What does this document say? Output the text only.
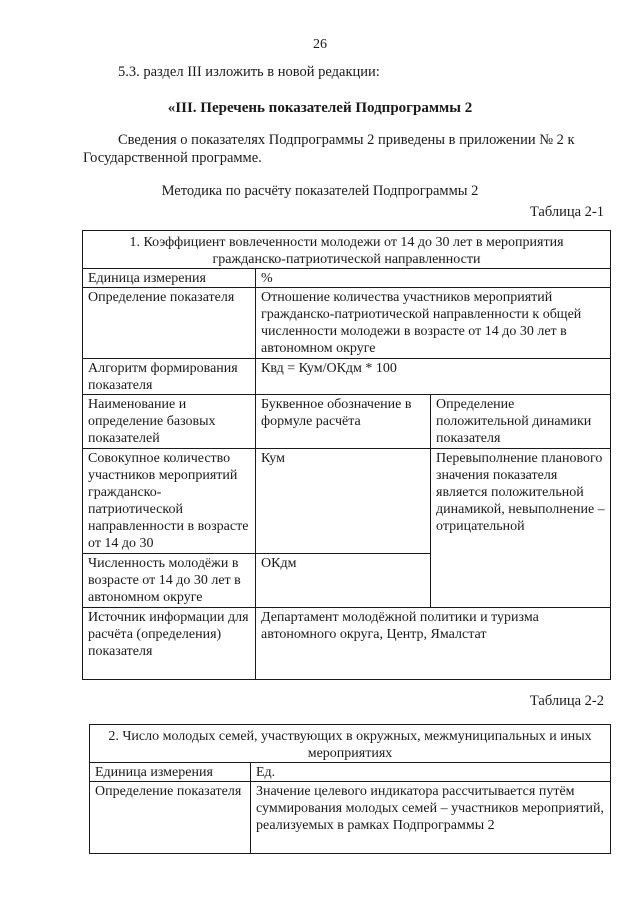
26
5.3. раздел III изложить в новой редакции:
«III. Перечень показателей Подпрограммы 2
Сведения о показателях Подпрограммы 2 приведены в приложении № 2 к Государственной программе.
Методика по расчёту показателей Подпрограммы 2
Таблица 2-1
1. Коэффициент вовлеченности молодежи от 14 до 30 лет в мероприятия гражданско-патриотической направленности		
Единица измерения	%	
Определение показателя	Отношение количества участников мероприятий гражданско-патриотической направленности к общей численности молодежи в возрасте от 14 до 30 лет в автономном округе	
Алгоритм формирования показателя	Квд = Кум/ОКдм * 100	
Наименование и определение базовых показателей	Буквенное обозначение в формуле расчёта	Определение положительной динамики показателя
Совокупное количество участников мероприятий гражданско-патриотической направленности в возрасте от 14 до 30	Кум	Перевыполнение планового значения показателя является положительной динамикой, невыполнение – отрицательной
Численность молодёжи в возрасте от 14 до 30 лет в автономном округе	ОКдм	
Источник информации для расчёта (определения) показателя	Департамент молодёжной политики и туризма автономного округа, Центр, Ямалстат	
Таблица 2-2
2. Число молодых семей, участвующих в окружных, межмуниципальных и иных мероприятиях	
Единица измерения	Ед.
Определение показателя	Значение целевого индикатора рассчитывается путём суммирования молодых семей – участников мероприятий, реализуемых в рамках Подпрограммы 2
